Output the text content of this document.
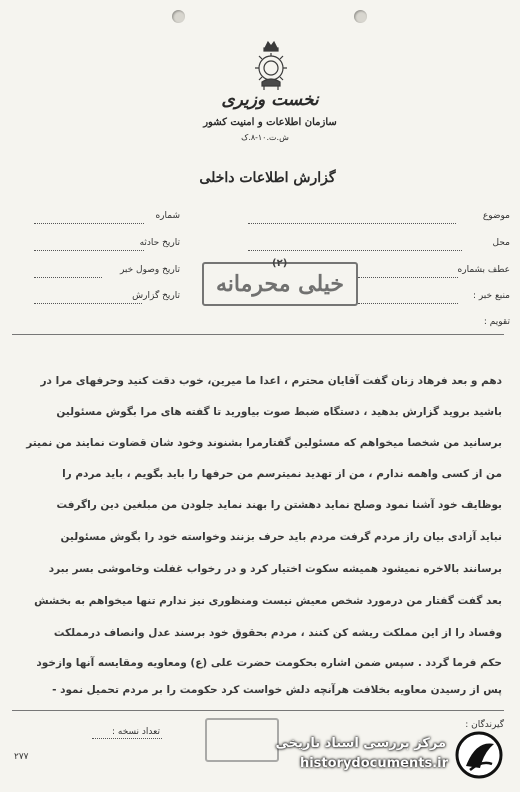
نخست وزیری
سازمان اطلاعات و امنیت کشور
ش.ت.۱۰-۸.ک
گزارش اطلاعات داخلی
موضوع
محل
عطف بشماره
منبع خبر :
تقویم :
شماره
تاریخ حادثه
تاریخ وصول خبر
تاریخ گزارش خیلی محرمانه
(۲)
دهم و بعد فرهاد زنان گفت آقایان محترم ، اعدا ما میرین، خوب دقت کنید وحرفهای مرا در
باشید برويد گزارش بدهید ، دستگاه ضبط صوت بیاورید تا گفته های مرا بگوش مسئولین
برسانید من شخصا میخواهم که مسئولین گفتارمرا بشنوند وخود شان قضاوت نمایند من نمیتر
من از کسی واهمه ندارم ، من از تهدید نمیترسم من حرفها را باید بگویم ، باید مردم را
بوظایف خود آشنا نمود وصلح نمايد دهشتن را بهند نماید جلودن من مبلغین دین راگرفت
نباید آزادی بیان راز مردم گرفت مردم باید حرف بزنند وخواسته خود را بگوش مسئولین
برسانند بالاخره نمیشود همیشه سکوت اختیار کرد و در رخواب غفلت وخاموشی بسر ببرد
بعد گفت گفتار من درمورد شخص معیش نیست ومنظوری نیز ندارم تنها میخواهم به بخشش
وفساد را از این مملکت ریشه کن کنند ، مردم بحقوق خود برسند عدل وانصاف درمملکت
حکم فرما گردد . سپس ضمن اشاره بحکومت حضرت علی (ع) ومعاویه ومقایسه آنها وازخود
پس از رسیدن معاویه بخلافت هرآنچه دلش خواست کرد حکومت را بر مردم تحمیل نمود -
تعداد نسخه :
گیرندگان :
۲۷۷
مرکز بررسی اسناد تاریخی
historydocuments.ir
